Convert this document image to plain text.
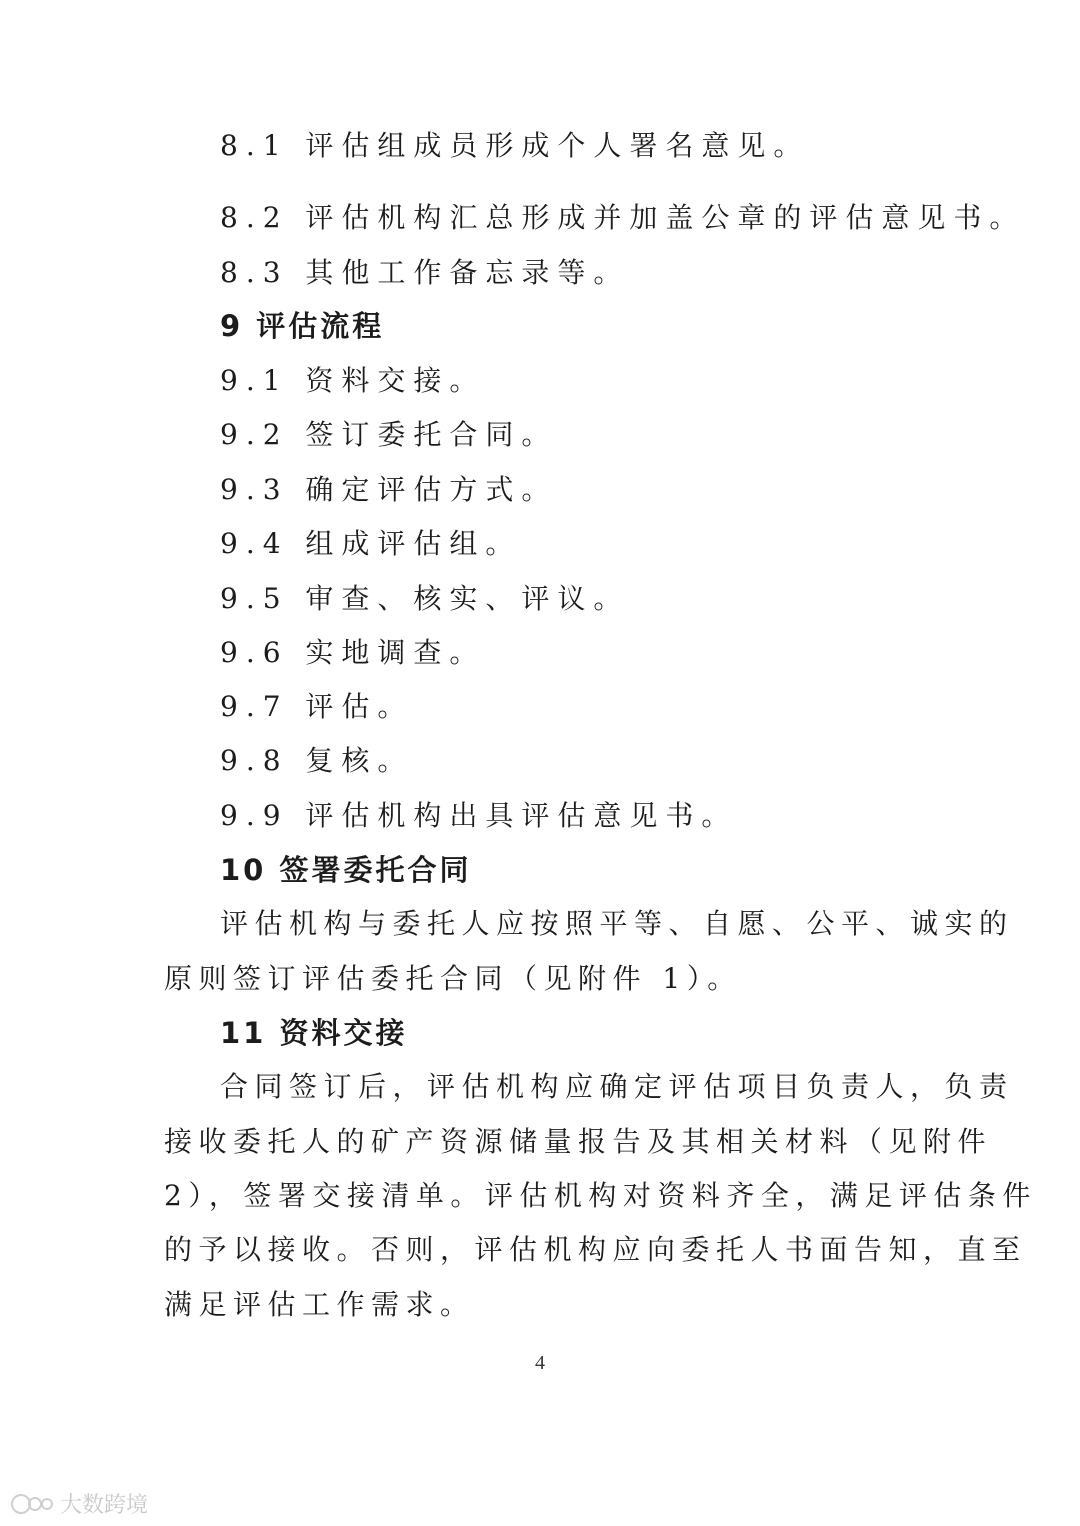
8.1 评估组成员形成个人署名意见。
8.2 评估机构汇总形成并加盖公章的评估意见书。
8.3 其他工作备忘录等。
9 评估流程
9.1 资料交接。
9.2 签订委托合同。
9.3 确定评估方式。
9.4 组成评估组。
9.5 审查、核实、评议。
9.6 实地调查。
9.7 评估。
9.8 复核。
9.9 评估机构出具评估意见书。
10 签署委托合同
评估机构与委托人应按照平等、自愿、公平、诚实的
原则签订评估委托合同（见附件 1）。
11 资料交接
合同签订后，评估机构应确定评估项目负责人，负责
接收委托人的矿产资源储量报告及其相关材料（见附件
2），签署交接清单。评估机构对资料齐全，满足评估条件
的予以接收。否则，评估机构应向委托人书面告知，直至
满足评估工作需求。
4
大数跨境
